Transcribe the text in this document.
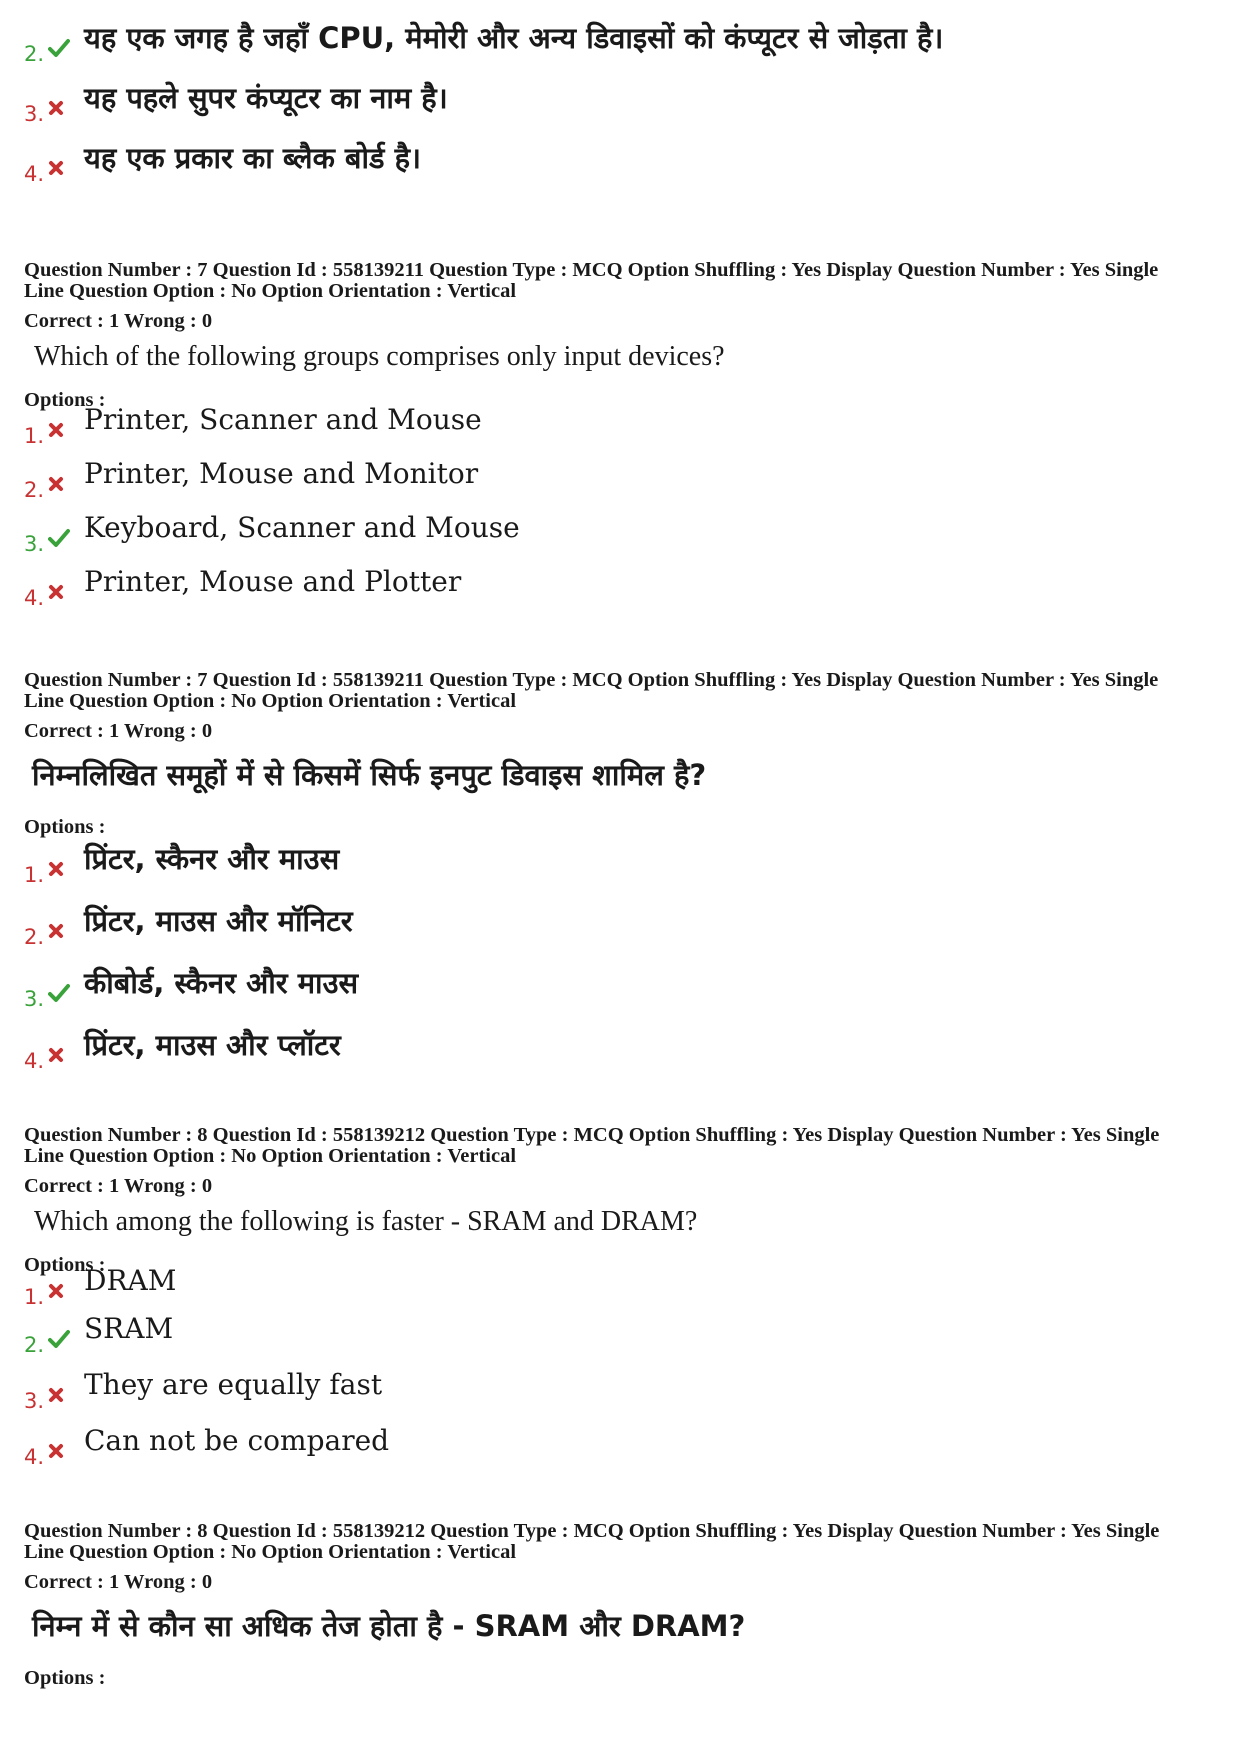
2. यह एक जगह है जहाँ CPU, मेमोरी और अन्य डिवाइसों को कंप्यूटर से जोड़ता है।
3. यह पहले सुपर कंप्यूटर का नाम है।
4. यह एक प्रकार का ब्लैक बोर्ड है।
Question Number : 7 Question Id : 558139211 Question Type : MCQ Option Shuffling : Yes Display Question Number : Yes Single
Line Question Option : No Option Orientation : Vertical
Correct : 1 Wrong : 0
Which of the following groups comprises only input devices?
Options :
1. Printer, Scanner and Mouse
2. Printer, Mouse and Monitor
3. Keyboard, Scanner and Mouse
4. Printer, Mouse and Plotter
Question Number : 7 Question Id : 558139211 Question Type : MCQ Option Shuffling : Yes Display Question Number : Yes Single
Line Question Option : No Option Orientation : Vertical
Correct : 1 Wrong : 0
निम्नलिखित समूहों में से किसमें सिर्फ इनपुट डिवाइस शामिल है?
Options :
1. प्रिंटर, स्कैनर और माउस
2. प्रिंटर, माउस और मॉनिटर
3. कीबोर्ड, स्कैनर और माउस
4. प्रिंटर, माउस और प्लॉटर
Question Number : 8 Question Id : 558139212 Question Type : MCQ Option Shuffling : Yes Display Question Number : Yes Single
Line Question Option : No Option Orientation : Vertical
Correct : 1 Wrong : 0
Which among the following is faster - SRAM and DRAM?
Options :
1. DRAM
2. SRAM
3. They are equally fast
4. Can not be compared
Question Number : 8 Question Id : 558139212 Question Type : MCQ Option Shuffling : Yes Display Question Number : Yes Single
Line Question Option : No Option Orientation : Vertical
Correct : 1 Wrong : 0
निम्न में से कौन सा अधिक तेज होता है - SRAM और DRAM?
Options :
